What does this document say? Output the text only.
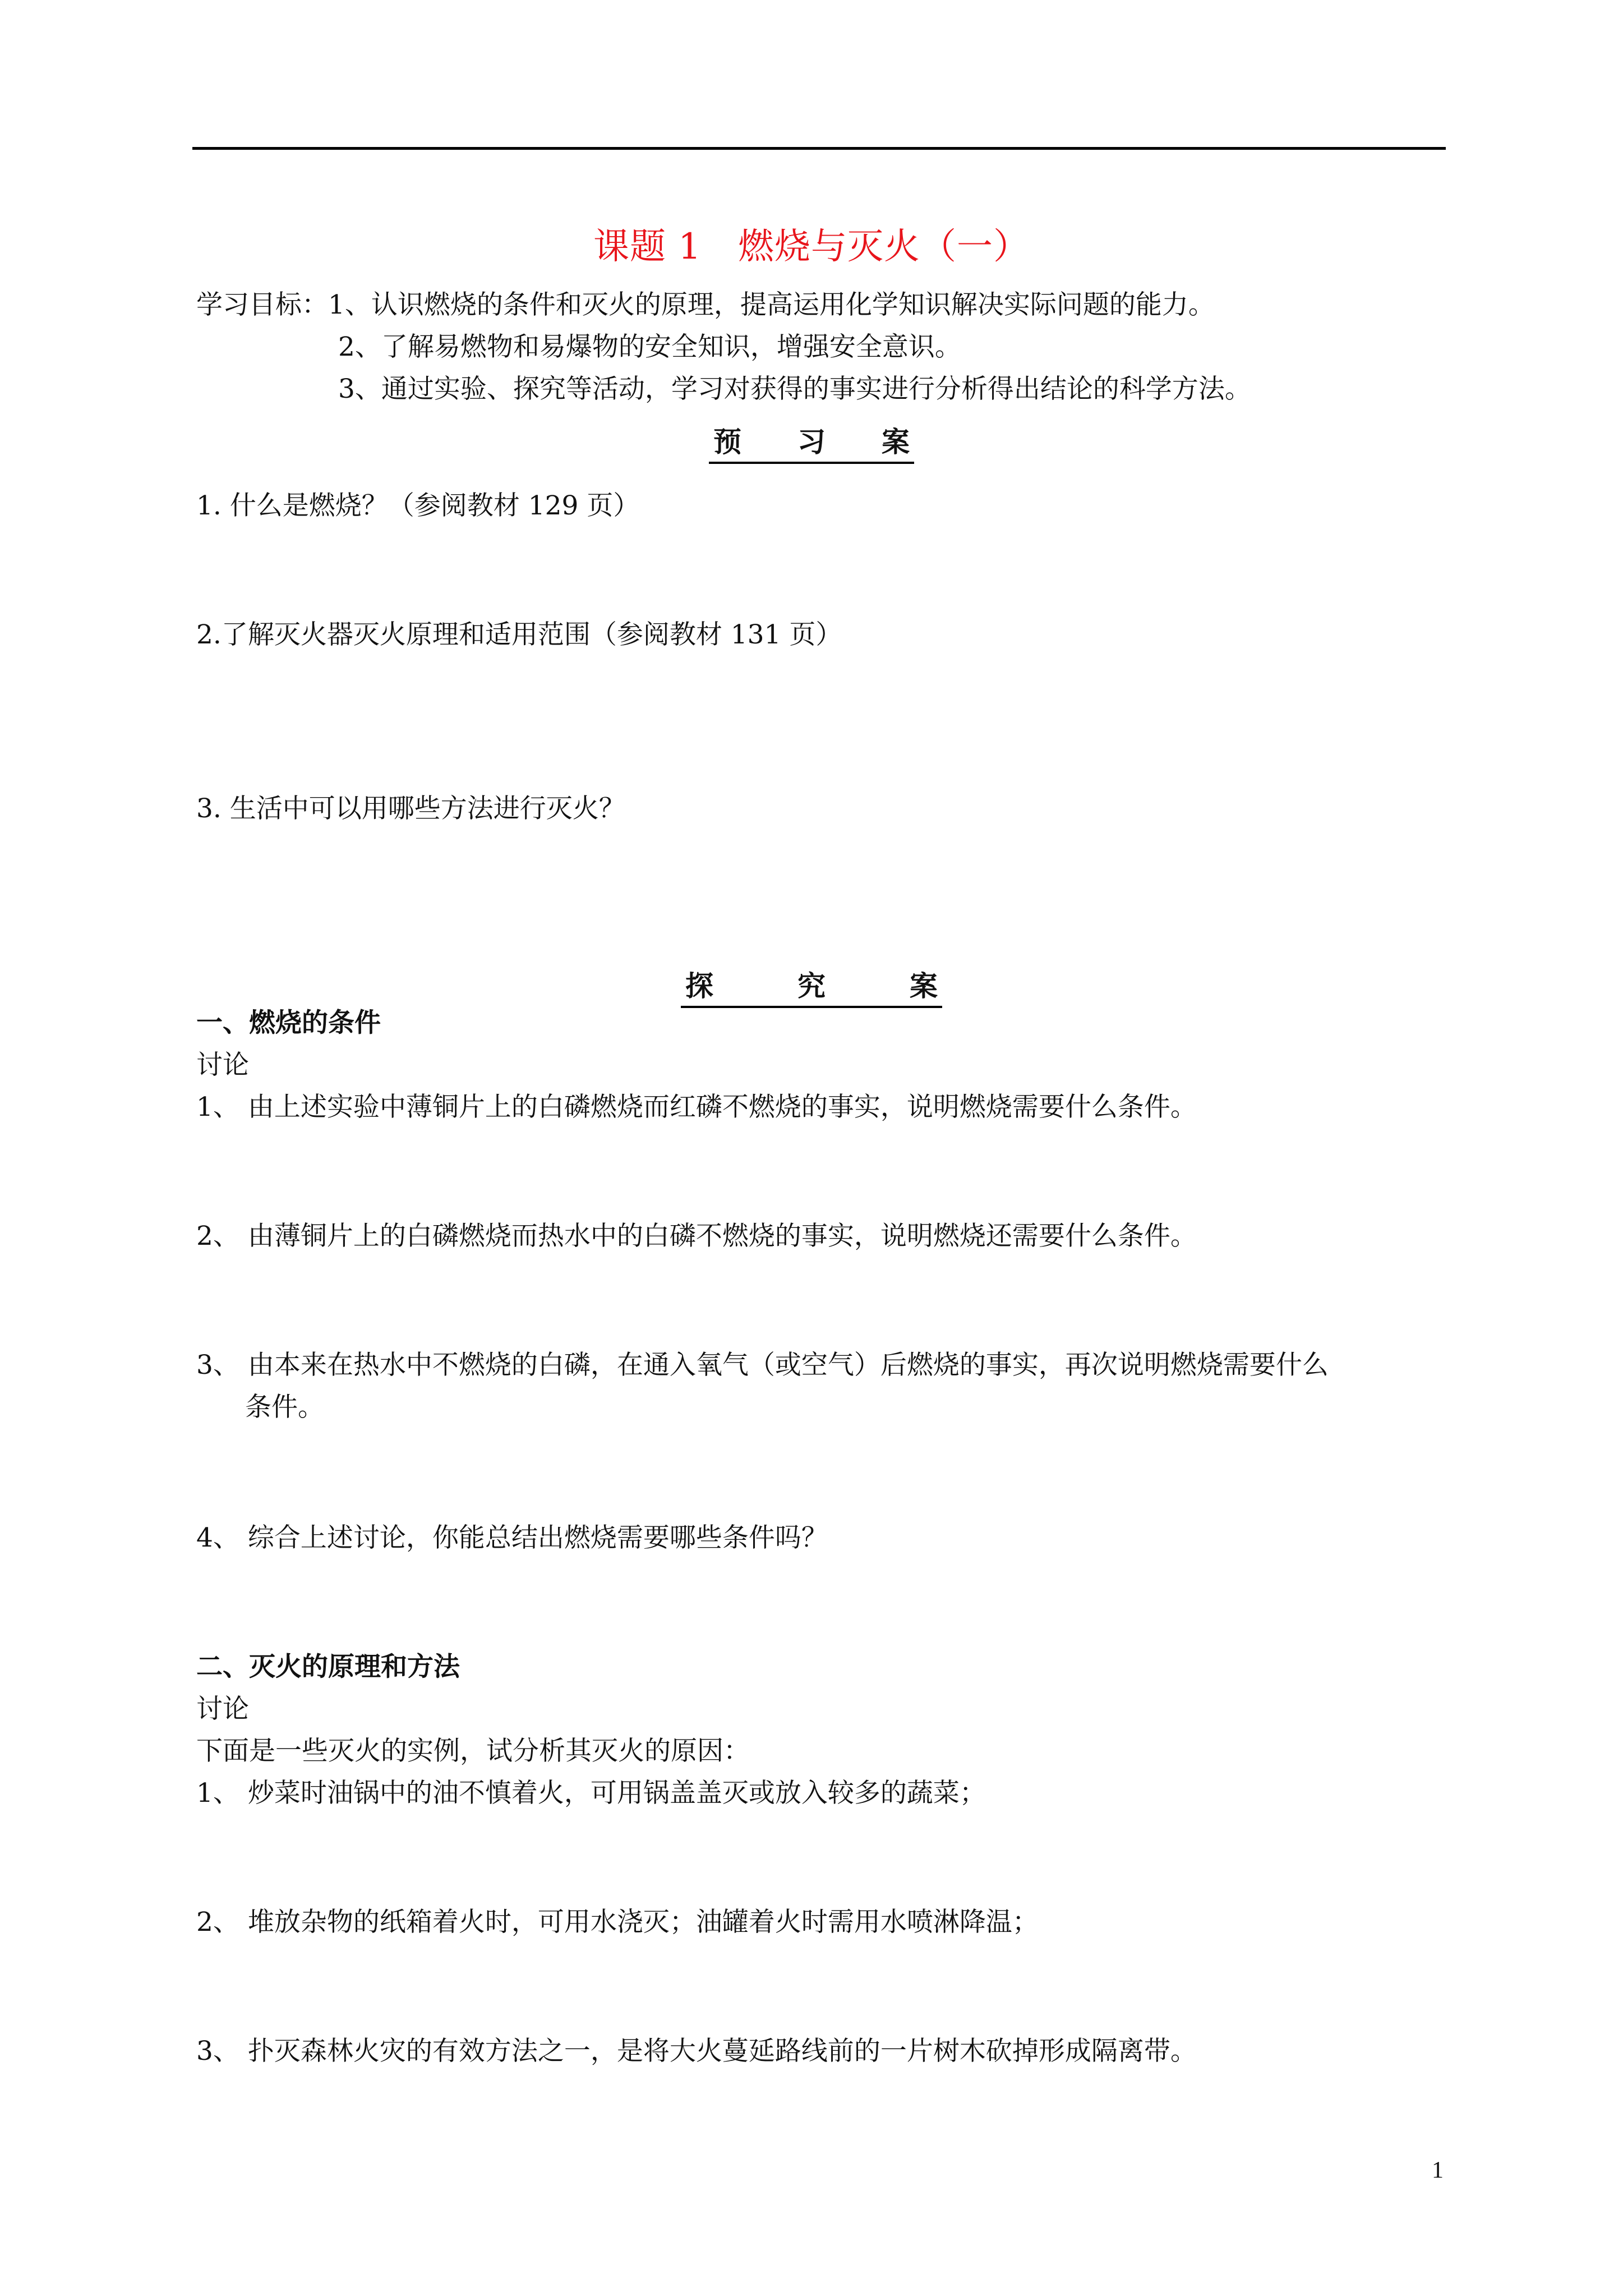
课题 1　燃烧与灭火（一）
学习目标：1、认识燃烧的条件和灭火的原理，提高运用化学知识解决实际问题的能力。
2、了解易燃物和易爆物的安全知识，增强安全意识。
3、通过实验、探究等活动，学习对获得的事实进行分析得出结论的科学方法。
预　　习　　案
1. 什么是燃烧？（参阅教材 129 页）
2.了解灭火器灭火原理和适用范围（参阅教材 131 页）
3. 生活中可以用哪些方法进行灭火？
探　　　究　　　案
一、燃烧的条件
讨论
1、 由上述实验中薄铜片上的白磷燃烧而红磷不燃烧的事实，说明燃烧需要什么条件。
2、 由薄铜片上的白磷燃烧而热水中的白磷不燃烧的事实，说明燃烧还需要什么条件。
3、 由本来在热水中不燃烧的白磷，在通入氧气（或空气）后燃烧的事实，再次说明燃烧需要什么
条件。
4、 综合上述讨论，你能总结出燃烧需要哪些条件吗？
二、灭火的原理和方法
讨论
下面是一些灭火的实例，试分析其灭火的原因：
1、 炒菜时油锅中的油不慎着火，可用锅盖盖灭或放入较多的蔬菜；
2、 堆放杂物的纸箱着火时，可用水浇灭；油罐着火时需用水喷淋降温；
3、 扑灭森林火灾的有效方法之一，是将大火蔓延路线前的一片树木砍掉形成隔离带。
1
